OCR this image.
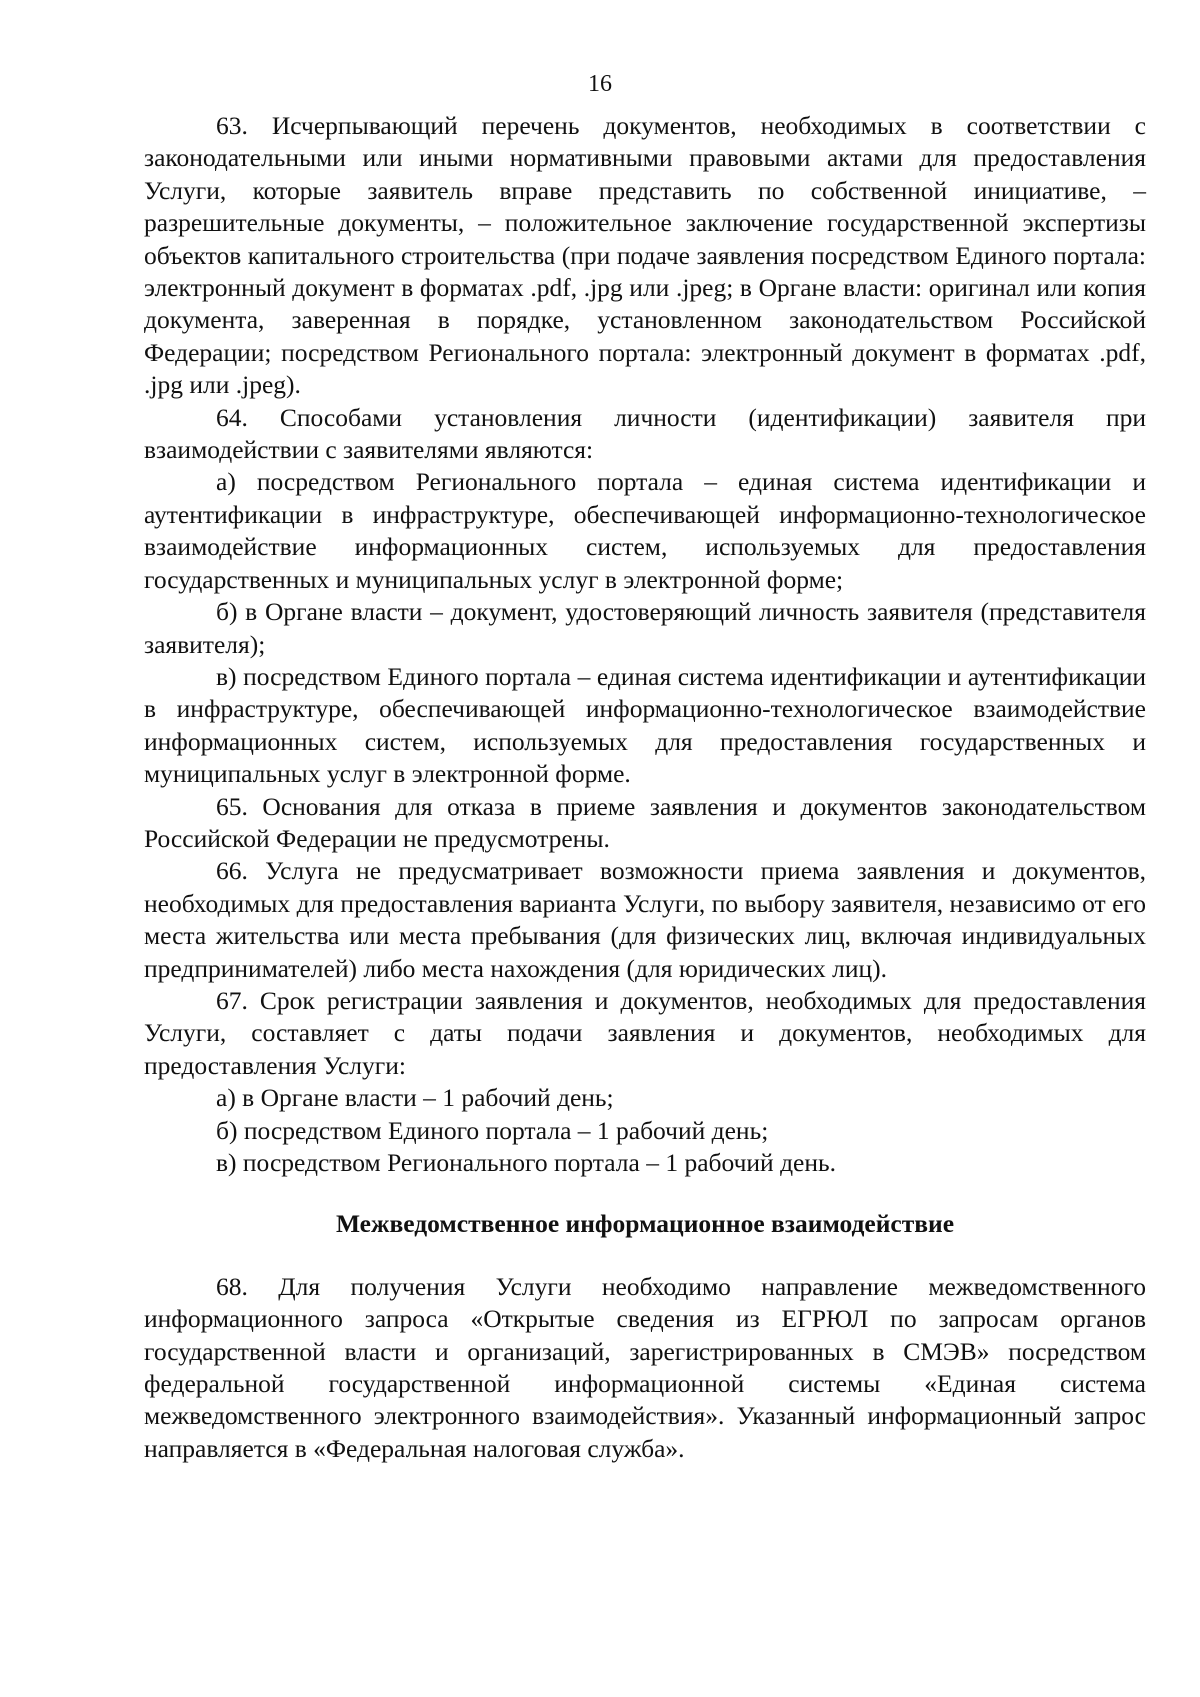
16

63. Исчерпывающий перечень документов, необходимых в соответствии с законодательными или иными нормативными правовыми актами для предоставления Услуги, которые заявитель вправе представить по собственной инициативе, – разрешительные документы, – положительное заключение государственной экспертизы объектов капитального строительства (при подаче заявления посредством Единого портала: электронный документ в форматах .pdf, .jpg или .jpeg; в Органе власти: оригинал или копия документа, заверенная в порядке, установленном законодательством Российской Федерации; посредством Регионального портала: электронный документ в форматах .pdf, .jpg или .jpeg).

64. Способами установления личности (идентификации) заявителя при взаимодействии с заявителями являются:

а) посредством Регионального портала – единая система идентификации и аутентификации в инфраструктуре, обеспечивающей информационно-технологическое взаимодействие информационных систем, используемых для предоставления государственных и муниципальных услуг в электронной форме;

б) в Органе власти – документ, удостоверяющий личность заявителя (представителя заявителя);

в) посредством Единого портала – единая система идентификации и аутентификации в инфраструктуре, обеспечивающей информационно-технологическое взаимодействие информационных систем, используемых для предоставления государственных и муниципальных услуг в электронной форме.

65. Основания для отказа в приеме заявления и документов законодательством Российской Федерации не предусмотрены.

66. Услуга не предусматривает возможности приема заявления и документов, необходимых для предоставления варианта Услуги, по выбору заявителя, независимо от его места жительства или места пребывания (для физических лиц, включая индивидуальных предпринимателей) либо места нахождения (для юридических лиц).

67. Срок регистрации заявления и документов, необходимых для предоставления Услуги, составляет с даты подачи заявления и документов, необходимых для предоставления Услуги:

а) в Органе власти – 1 рабочий день;

б) посредством Единого портала – 1 рабочий день;

в) посредством Регионального портала – 1 рабочий день.

Межведомственное информационное взаимодействие

68. Для получения Услуги необходимо направление межведомственного информационного запроса «Открытые сведения из ЕГРЮЛ по запросам органов государственной власти и организаций, зарегистрированных в СМЭВ» посредством федеральной государственной информационной системы «Единая система межведомственного электронного взаимодействия». Указанный информационный запрос направляется в «Федеральная налоговая служба».
